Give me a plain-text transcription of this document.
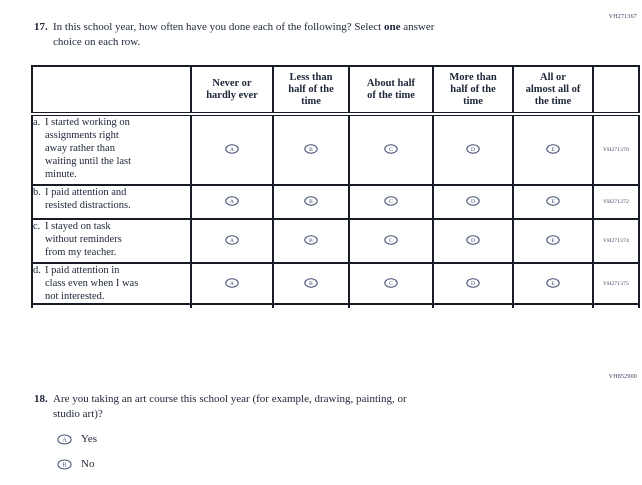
VH271367
17. In this school year, how often have you done each of the following? Select one answer
choice on each row.

	Never or
hardly ever	Less than
half of the
time	About half
of the time	More than
half of the
time	All or
almost all of
the time	

a. I started working on
assignments right
away rather than
waiting until the last
minute.

A	B	C	D	E	VH271370

b. I paid attention and
resisted distractions.	A	B	C	D	E	VH271372

c. I stayed on task
without reminders
from my teacher.	A	B	C	D	E	VH271374

d. I paid attention in
class even when I was
not interested.	A	B	C	D	E	VH271375

VH852900
18. Are you taking an art course this school year (for example, drawing, painting, or
studio art)?
A Yes
B No
